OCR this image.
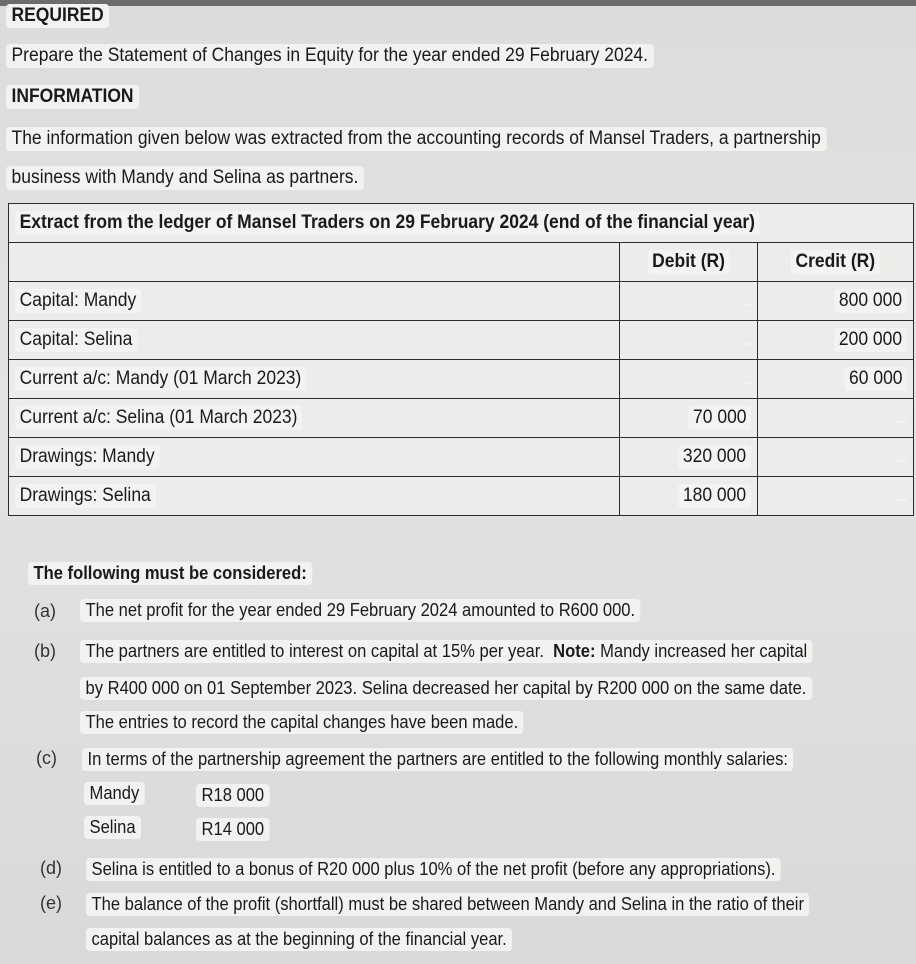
REQUIRED
Prepare the Statement of Changes in Equity for the year ended 29 February 2024.
INFORMATION
The information given below was extracted from the accounting records of Mansel Traders, a partnership
business with Mandy and Selina as partners.
Extract from the ledger of Mansel Traders on 29 February 2024 (end of the financial year)		
	Debit (R)	Credit (R)
Capital: Mandy		800 000
Capital: Selina		200 000
Current a/c: Mandy (01 March 2023)		60 000
Current a/c: Selina (01 March 2023)	70 000	
Drawings: Mandy	320 000	
Drawings: Selina	180 000	
The following must be considered:
(a)	The net profit for the year ended 29 February 2024 amounted to R600 000.
(b)	The partners are entitled to interest on capital at 15% per year. Note: Mandy increased her capital
by R400 000 on 01 September 2023. Selina decreased her capital by R200 000 on the same date.
The entries to record the capital changes have been made.
(c)	In terms of the partnership agreement the partners are entitled to the following monthly salaries:
Mandy	R18 000
Selina	R14 000
(d)	Selina is entitled to a bonus of R20 000 plus 10% of the net profit (before any appropriations).
(e)	The balance of the profit (shortfall) must be shared between Mandy and Selina in the ratio of their
capital balances as at the beginning of the financial year.
